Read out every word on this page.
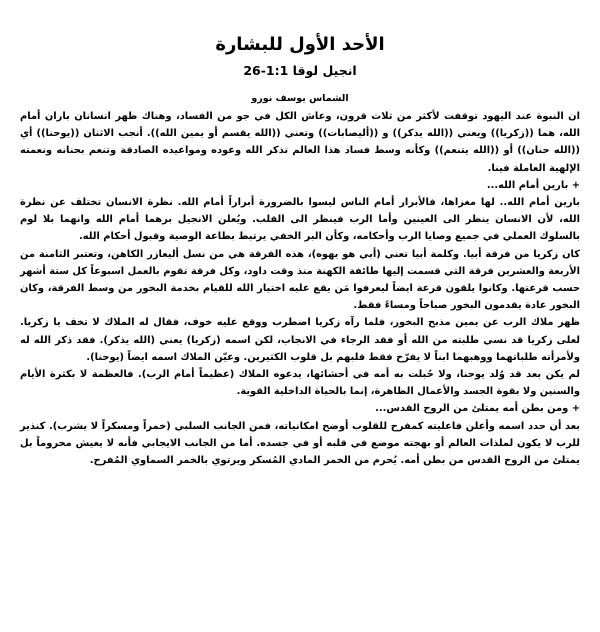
الأحد الأول للبشارة
انجيل لوقا 1:1-26
الشماس يوسف نورو

ان النبوة عند اليهود توقفت لأكثر من ثلاث قرون، وعاش الكل في جو من الفساد، وهناك ظهر انسانان باران أمام الله، هما ((زكريا)) ويعني ((الله يذكر)) و ((أليصابات)) وتعني ((الله يقسم أو يمين الله)). أنجب الاثنان ((يوحنا)) أي ((الله حنان)) أو ((الله يتنعم)) وكأنه وسط فساد هذا العالم تذكر الله وعوده ومواعيده الصادقة وتنعم بحنانه ونعمته الإلهية العاملة فينا.

+ بارين أمام الله...

بارين أمام الله.. لها مغزاها، فالأبرار أمام الناس ليسوا بالضرورة أبراراً أمام الله. نظرة الانسان تختلف عن نظرة الله، لأن الانسان ينظر الى العينين وأما الرب فينظر الى القلب. ويُعلن الانجيل برهما أمام الله وانهما بلا لوم بالسلوك العملي في جميع وصايا الرب وأحكامه، وكأن البر الخفي يرتبط بطاعة الوصية وقبول أحكام الله.

كان زكريا من فرقة أبيا. وكلمة أبيا تعني (أبي هو يهوه)، هذه الفرقة هي من نسل أليعازر الكاهن، وتعتبر الثامنة من الأربعة والعشرين فرقة التي قسمت إليها طائفة الكهنة منذ وقت داود، وكل فرقة تقوم بالعمل اسبوعاً كل ستة أشهر حسب قرعتها. وكانوا يلقون قرعة ايضاً ليعرفوا مَن يقع عليه اختيار الله للقيام بخدمة البخور من وسط الفرقة، وكان البخور عادة يقدمون البخور صباحاً ومساءً فقط.

ظهر ملاك الرب عن يمين مذبح البخور، فلما رآه زكريا اضطرب ووقع عليه خوف، فقال له الملاك لا تخف يا زكريا. لعلى زكريا قد نسي طلبته من الله أو فقد الرجاء في الانجاب، لكن اسمه (زكريا) يعني (الله يذكر). فقد ذكر الله له ولأمرأته طلباتهما ووهبهما ابناً لا يفرّح فقط قلبهم بل قلوب الكثيرين. وعيّن الملاك اسمه ايضاً (يوحنا).

لم يكن بعد قد وُلد يوحنا، ولا حُبلت به أمه في أحشائها، يدعوه الملاك (عظيماً أمام الرب). فالعظمة لا بكثرة الأيام والسنين ولا بقوة الجسد والأعمال الظاهرة، إنما بالحياة الداخلية القوية.

+ ومن بطن أمه يمتلئ من الروح القدس...

بعد أن حدد اسمه وأعلن فاعليته كمفرح للقلوب أوضح امكانياته، فمن الجانب السلبي (خمراً ومسكراً لا يشرب). كنذير للرب لا يكون لملذات العالم أو بهجته موضع في قلبه أو في جسده. أما من الجانب الايجابي فأنه لا يعيش محروماً بل يمتلئ من الروح القدس من بطن أمه. يُحرم من الخمر المادي المُسكر ويرتوي بالخمر السماوي المُفرح.
